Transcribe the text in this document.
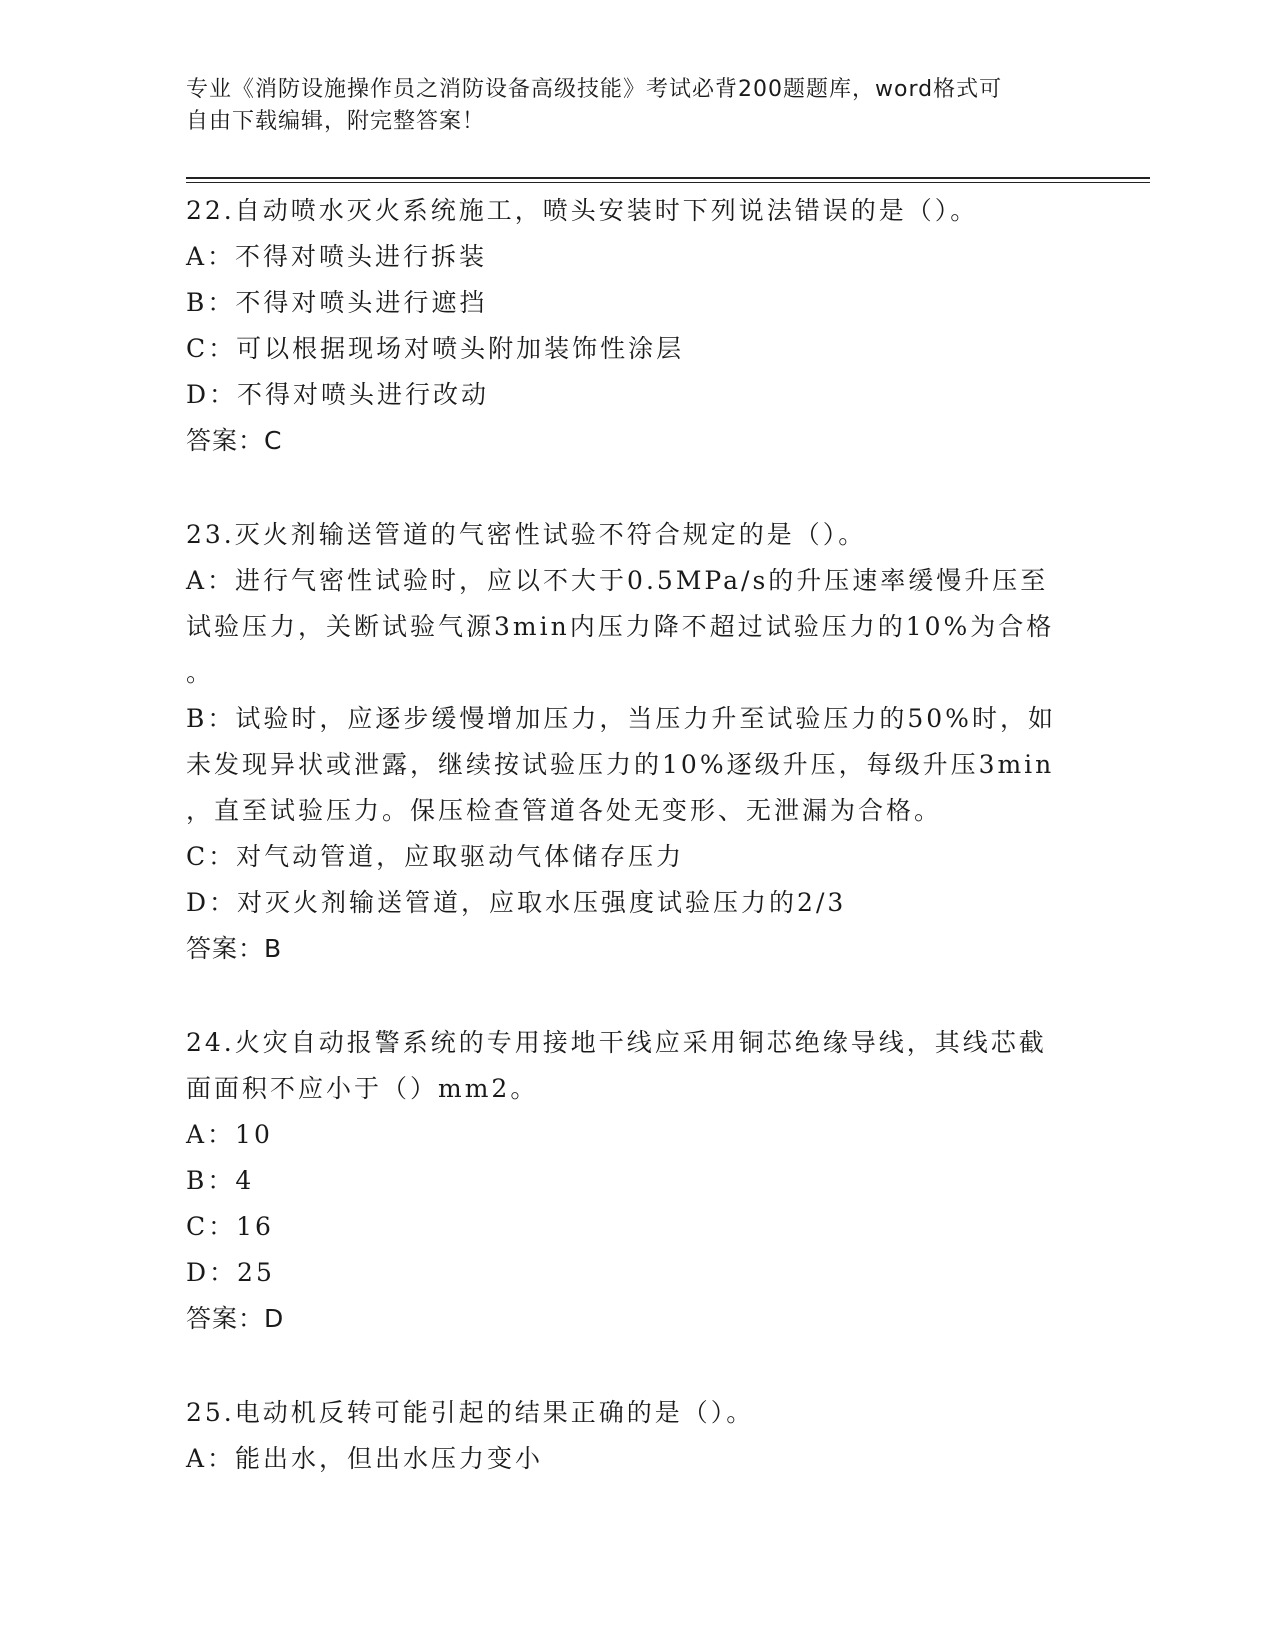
专业《消防设施操作员之消防设备高级技能》考试必背200题题库，word格式可
自由下载编辑，附完整答案！
22.自动喷水灭火系统施工，喷头安装时下列说法错误的是（）。
A：不得对喷头进行拆装
B：不得对喷头进行遮挡
C：可以根据现场对喷头附加装饰性涂层
D：不得对喷头进行改动
答案：C
23.灭火剂输送管道的气密性试验不符合规定的是（）。
A：进行气密性试验时，应以不大于0.5MPa/s的升压速率缓慢升压至
试验压力，关断试验气源3min内压力降不超过试验压力的10%为合格
。
B：试验时，应逐步缓慢增加压力，当压力升至试验压力的50%时，如
未发现异状或泄露，继续按试验压力的10%逐级升压，每级升压3min
，直至试验压力。保压检查管道各处无变形、无泄漏为合格。
C：对气动管道，应取驱动气体储存压力
D：对灭火剂输送管道，应取水压强度试验压力的2/3
答案：B
24.火灾自动报警系统的专用接地干线应采用铜芯绝缘导线，其线芯截
面面积不应小于（）mm2。
A：10
B：4
C：16
D：25
答案：D
25.电动机反转可能引起的结果正确的是（）。
A：能出水，但出水压力变小
